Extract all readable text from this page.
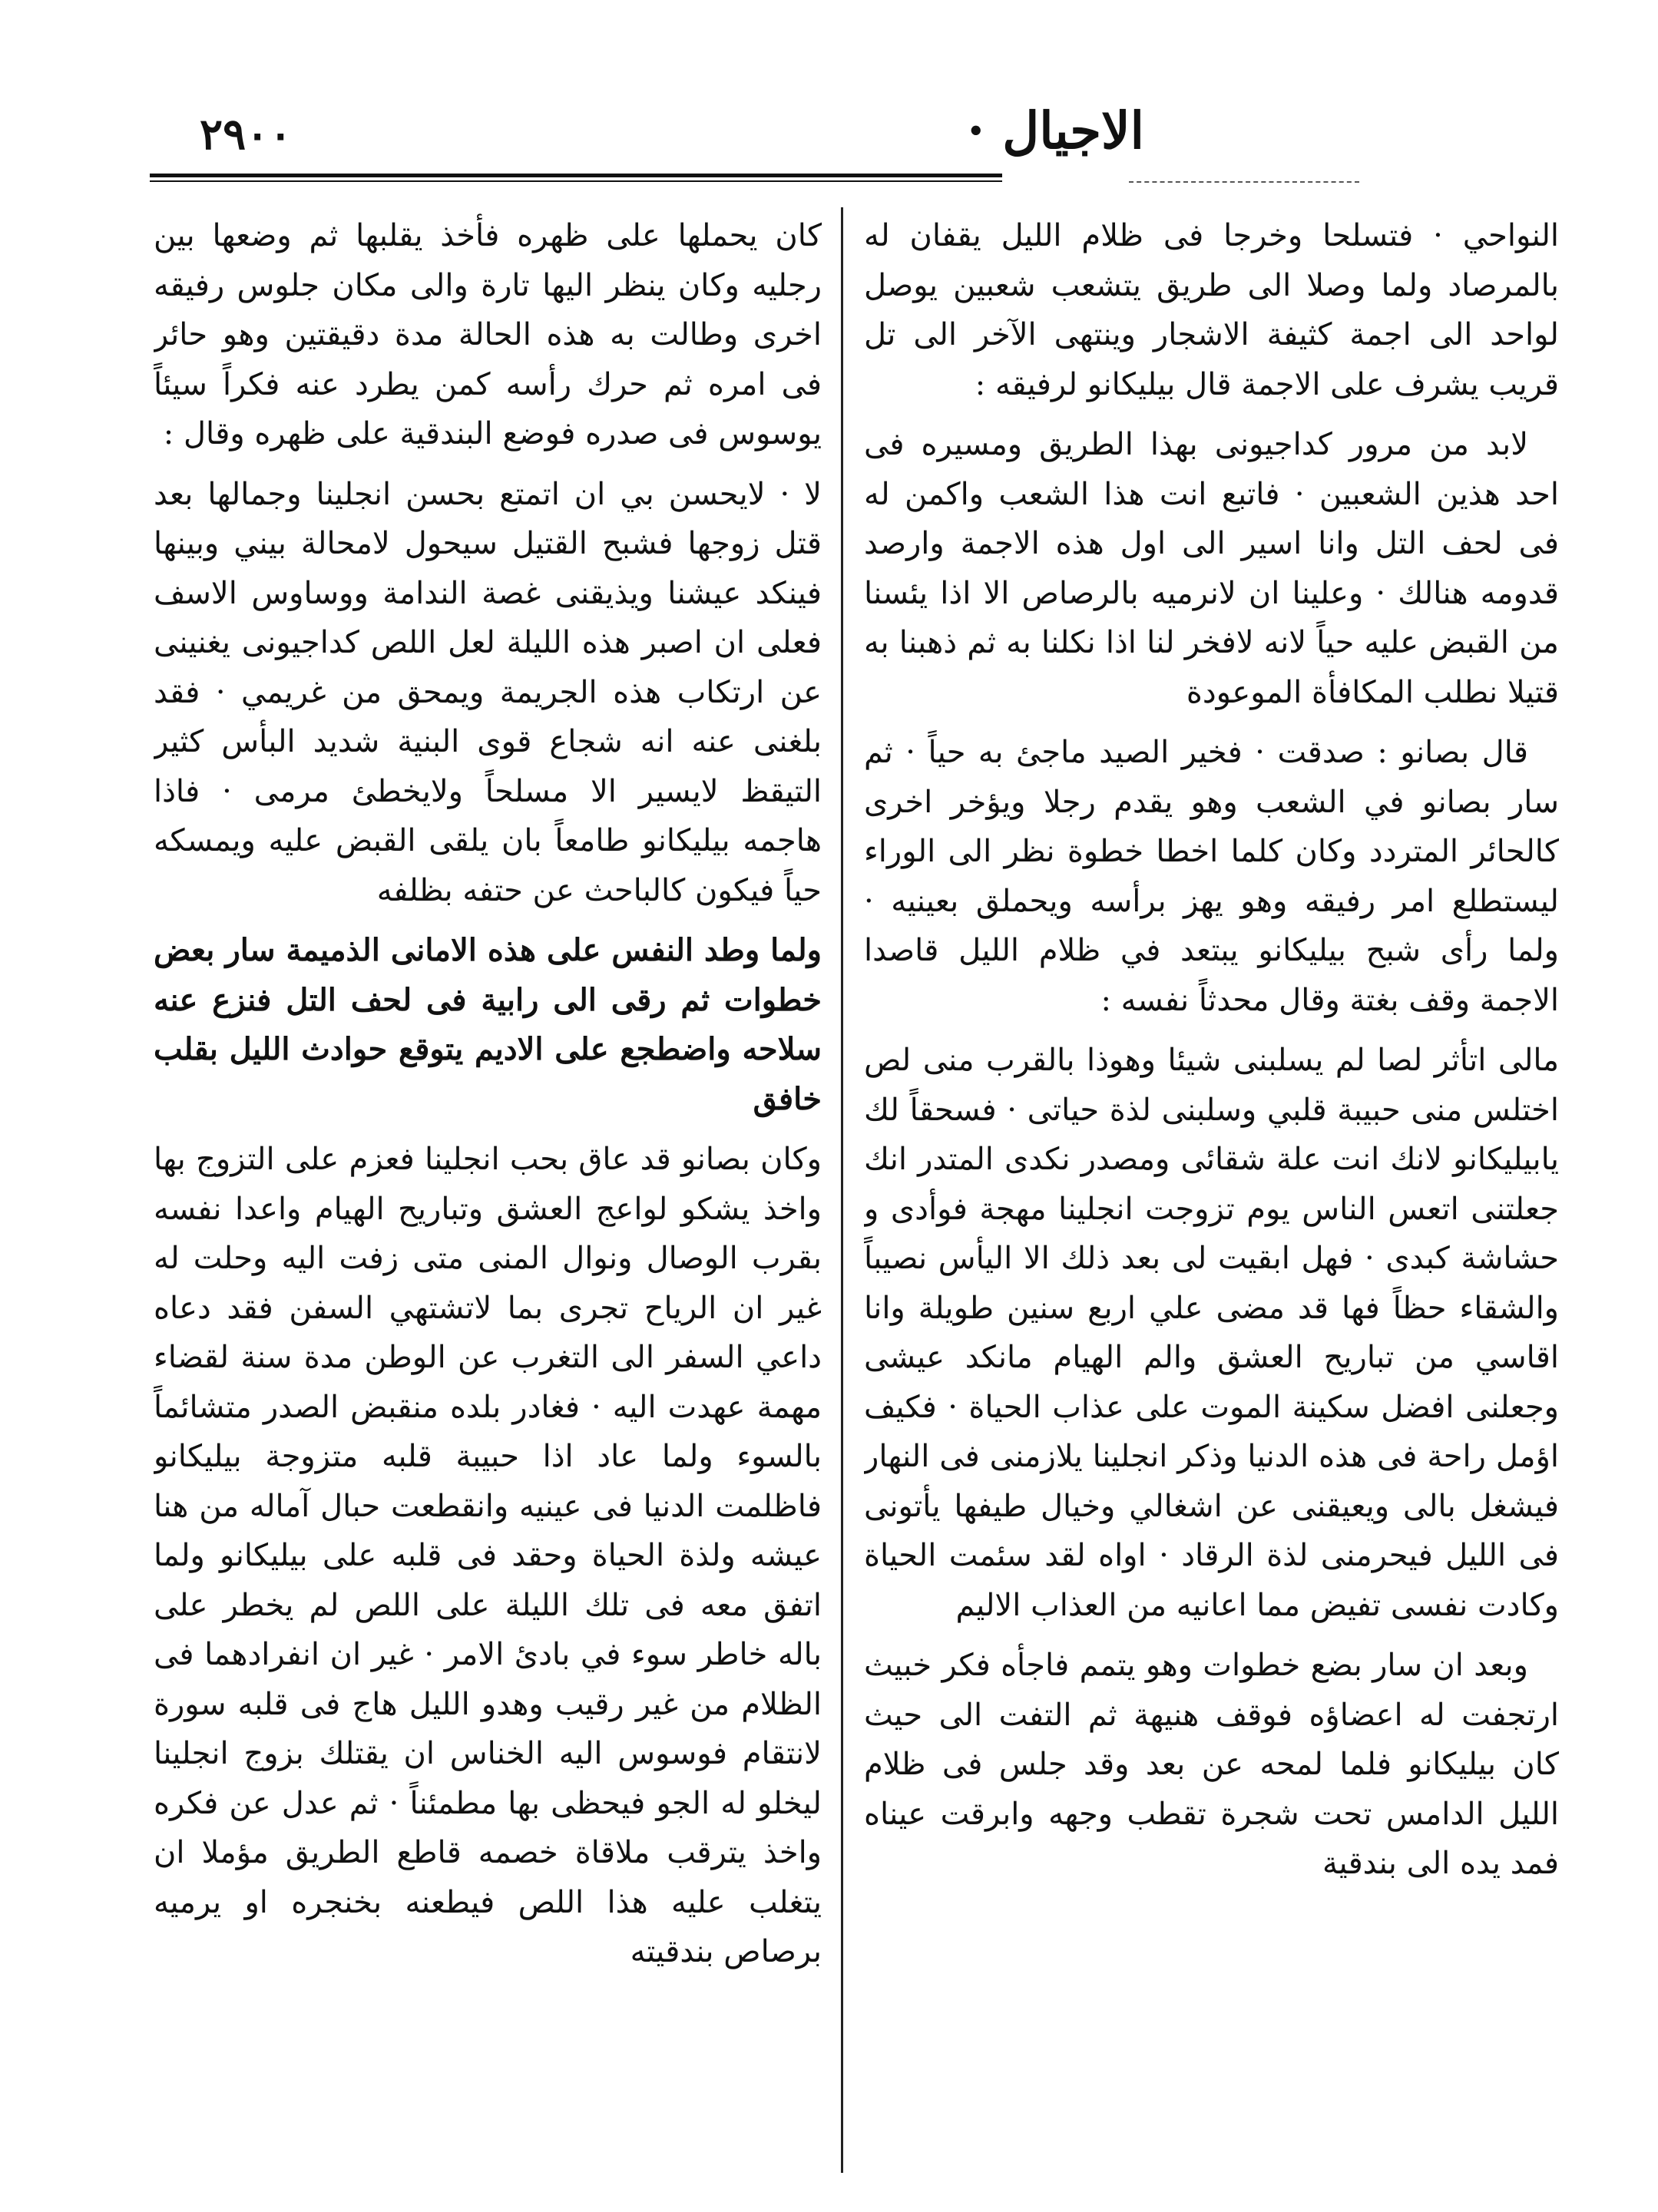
الاجيال ·
٢٩٠٠

النواحي · فتسلحا وخرجا فى ظلام الليل يقفان له بالمرصاد ولما وصلا الى طريق يتشعب شعبين يوصل لواحد الى اجمة كثيفة الاشجار وينتهى الآخر الى تل قريب يشرف على الاجمة قال بيليكانو لرفيقه :

لابد من مرور كداجيونى بهذا الطريق ومسيره فى احد هذين الشعبين · فاتبع انت هذا الشعب واكمن له فى لحف التل وانا اسير الى اول هذه الاجمة وارصد قدومه هنالك · وعلينا ان لانرميه بالرصاص الا اذا يئسنا من القبض عليه حياً لانه لافخر لنا اذا نكلنا به ثم ذهبنا به قتيلا نطلب المكافأة الموعودة

قال بصانو : صدقت · فخير الصيد ماجئ به حياً · ثم سار بصانو في الشعب وهو يقدم رجلا ويؤخر اخرى كالحائر المتردد وكان كلما اخطا خطوة نظر الى الوراء ليستطلع امر رفيقه وهو يهز برأسه ويحملق بعينيه · ولما رأى شبح بيليكانو يبتعد في ظلام الليل قاصدا الاجمة وقف بغتة وقال محدثاً نفسه :

مالى اتأثر لصا لم يسلبنى شيئا وهوذا بالقرب منى لص اختلس منى حبيبة قلبي وسلبنى لذة حياتى · فسحقاً لك يابيليكانو لانك انت علة شقائى ومصدر نكدى المتدر انك جعلتنى اتعس الناس يوم تزوجت انجلينا مهجة فوأدى و حشاشة كبدى · فهل ابقيت لى بعد ذلك الا اليأس نصيباً والشقاء حظاً فها قد مضى علي اربع سنين طويلة وانا اقاسي من تباريح العشق والم الهيام مانكد عيشى وجعلنى افضل سكينة الموت على عذاب الحياة · فكيف اؤمل راحة فى هذه الدنيا وذكر انجلينا يلازمنى فى النهار فيشغل بالى ويعيقنى عن اشغالي وخيال طيفها يأتونى فى الليل فيحرمنى لذة الرقاد · اواه لقد سئمت الحياة وكادت نفسى تفيض مما اعانيه من العذاب الاليم

وبعد ان سار بضع خطوات وهو يتمم فاجأه فكر خبيث ارتجفت له اعضاؤه فوقف هنيهة ثم التفت الى حيث كان بيليكانو فلما لمحه عن بعد وقد جلس فى ظلام الليل الدامس تحت شجرة تقطب وجهه وابرقت عيناه فمد يده الى بندقية

كان يحملها على ظهره فأخذ يقلبها ثم وضعها بين رجليه وكان ينظر اليها تارة والى مكان جلوس رفيقه اخرى وطالت به هذه الحالة مدة دقيقتين وهو حائر فى امره ثم حرك رأسه كمن يطرد عنه فكراً سيئاً يوسوس فى صدره فوضع البندقية على ظهره وقال :

لا · لايحسن بي ان اتمتع بحسن انجلينا وجمالها بعد قتل زوجها فشبح القتيل سيحول لامحالة بيني وبينها فينكد عيشنا ويذيقنى غصة الندامة ووساوس الاسف فعلى ان اصبر هذه الليلة لعل اللص كداجيونى يغنينى عن ارتكاب هذه الجريمة ويمحق من غريمي · فقد بلغنى عنه انه شجاع قوى البنية شديد البأس كثير التيقظ لايسير الا مسلحاً ولايخطئ مرمى · فاذا هاجمه بيليكانو طامعاً بان يلقى القبض عليه ويمسكه حياً فيكون كالباحث عن حتفه بظلفه

ولما وطد النفس على هذه الامانى الذميمة سار بعض خطوات ثم رقى الى رابية فى لحف التل فنزع عنه سلاحه واضطجع على الاديم يتوقع حوادث الليل بقلب خافق

وكان بصانو قد عاق بحب انجلينا فعزم على التزوج بها واخذ يشكو لواعج العشق وتباريح الهيام واعدا نفسه بقرب الوصال ونوال المنى متى زفت اليه وحلت له غير ان الرياح تجرى بما لاتشتهي السفن فقد دعاه داعي السفر الى التغرب عن الوطن مدة سنة لقضاء مهمة عهدت اليه · فغادر بلده منقبض الصدر متشائماً بالسوء ولما عاد اذا حبيبة قلبه متزوجة بيليكانو فاظلمت الدنيا فى عينيه وانقطعت حبال آماله من هنا عيشه ولذة الحياة وحقد فى قلبه على بيليكانو ولما اتفق معه فى تلك الليلة على اللص لم يخطر على باله خاطر سوء في بادئ الامر · غير ان انفرادهما فى الظلام من غير رقيب وهدو الليل هاج فى قلبه سورة لانتقام فوسوس اليه الخناس ان يقتلك بزوج انجلينا ليخلو له الجو فيحظى بها مطمئناً · ثم عدل عن فكره واخذ يترقب ملاقاة خصمه قاطع الطريق مؤملا ان يتغلب عليه هذا اللص فيطعنه بخنجره او يرميه برصاص بندقيته
